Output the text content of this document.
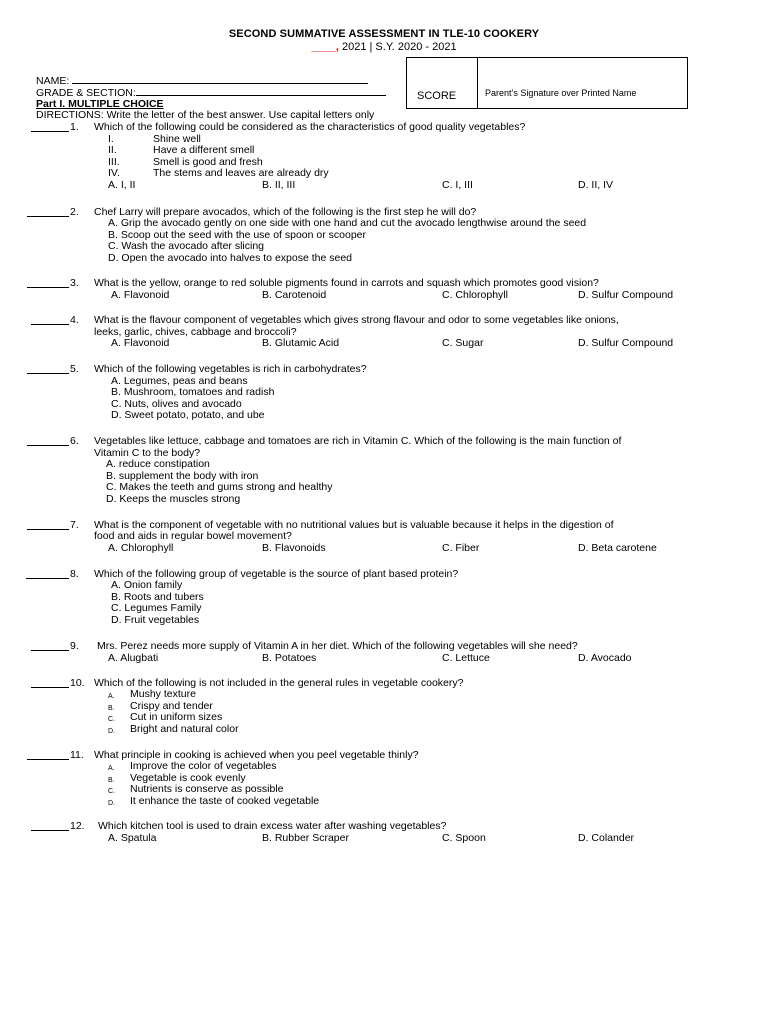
SECOND SUMMATIVE ASSESSMENT IN TLE-10 COOKERY
____, 2021 | S.Y. 2020 - 2021
NAME:
GRADE & SECTION:	SCORE	Parent’s Signature over Printed Name
Part I. MULTIPLE CHOICE
DIRECTIONS: Write the letter of the best answer. Use capital letters only
1. Which of the following could be considered as the characteristics of good quality vegetables?
I.	Shine well
II.	Have a different smell
III.	Smell is good and fresh
IV.	The stems and leaves are already dry
A. I, II	B. II, III	C. I, III	D. II, IV
2. Chef Larry will prepare avocados, which of the following is the first step he will do?
A. Grip the avocado gently on one side with one hand and cut the avocado lengthwise around the seed
B. Scoop out the seed with the use of spoon or scooper
C. Wash the avocado after slicing
D. Open the avocado into halves to expose the seed
3. What is the yellow, orange to red soluble pigments found in carrots and squash which promotes good vision?
A. Flavonoid	B. Carotenoid	C. Chlorophyll	D. Sulfur Compound
4. What is the flavour component of vegetables which gives strong flavour and odor to some vegetables like onions,
leeks, garlic, chives, cabbage and broccoli?
A. Flavonoid	B. Glutamic Acid	C. Sugar	D. Sulfur Compound
5. Which of the following vegetables is rich in carbohydrates?
A. Legumes, peas and beans
B. Mushroom, tomatoes and radish
C. Nuts, olives and avocado
D. Sweet potato, potato, and ube
6. Vegetables like lettuce, cabbage and tomatoes are rich in Vitamin C. Which of the following is the main function of
Vitamin C to the body?
A. reduce constipation
B. supplement the body with iron
C. Makes the teeth and gums strong and healthy
D. Keeps the muscles strong
7. What is the component of vegetable with no nutritional values but is valuable because it helps in the digestion of
food and aids in regular bowel movement?
A. Chlorophyll	B. Flavonoids	C. Fiber	D. Beta carotene
8. Which of the following group of vegetable is the source of plant based protein?
A. Onion family
B. Roots and tubers
C. Legumes Family
D. Fruit vegetables
9. Mrs. Perez needs more supply of Vitamin A in her diet. Which of the following vegetables will she need?
A. Alugbati	B. Potatoes	C. Lettuce	D. Avocado
10. Which of the following is not included in the general rules in vegetable cookery?
A. Mushy texture
B. Crispy and tender
C. Cut in uniform sizes
D. Bright and natural color
11. What principle in cooking is achieved when you peel vegetable thinly?
A. Improve the color of vegetables
B. Vegetable is cook evenly
C. Nutrients is conserve as possible
D. It enhance the taste of cooked vegetable
12. Which kitchen tool is used to drain excess water after washing vegetables?
A. Spatula	B. Rubber Scraper	C. Spoon	D. Colander
